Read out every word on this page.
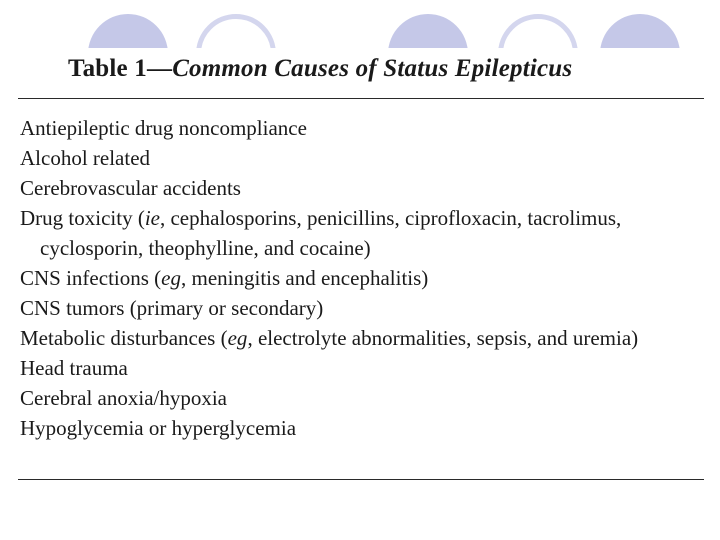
Table 1—Common Causes of Status Epilepticus
Antiepileptic drug noncompliance
Alcohol related
Cerebrovascular accidents
Drug toxicity (ie, cephalosporins, penicillins, ciprofloxacin, tacrolimus, cyclosporin, theophylline, and cocaine)
CNS infections (eg, meningitis and encephalitis)
CNS tumors (primary or secondary)
Metabolic disturbances (eg, electrolyte abnormalities, sepsis, and uremia)
Head trauma
Cerebral anoxia/hypoxia
Hypoglycemia or hyperglycemia
